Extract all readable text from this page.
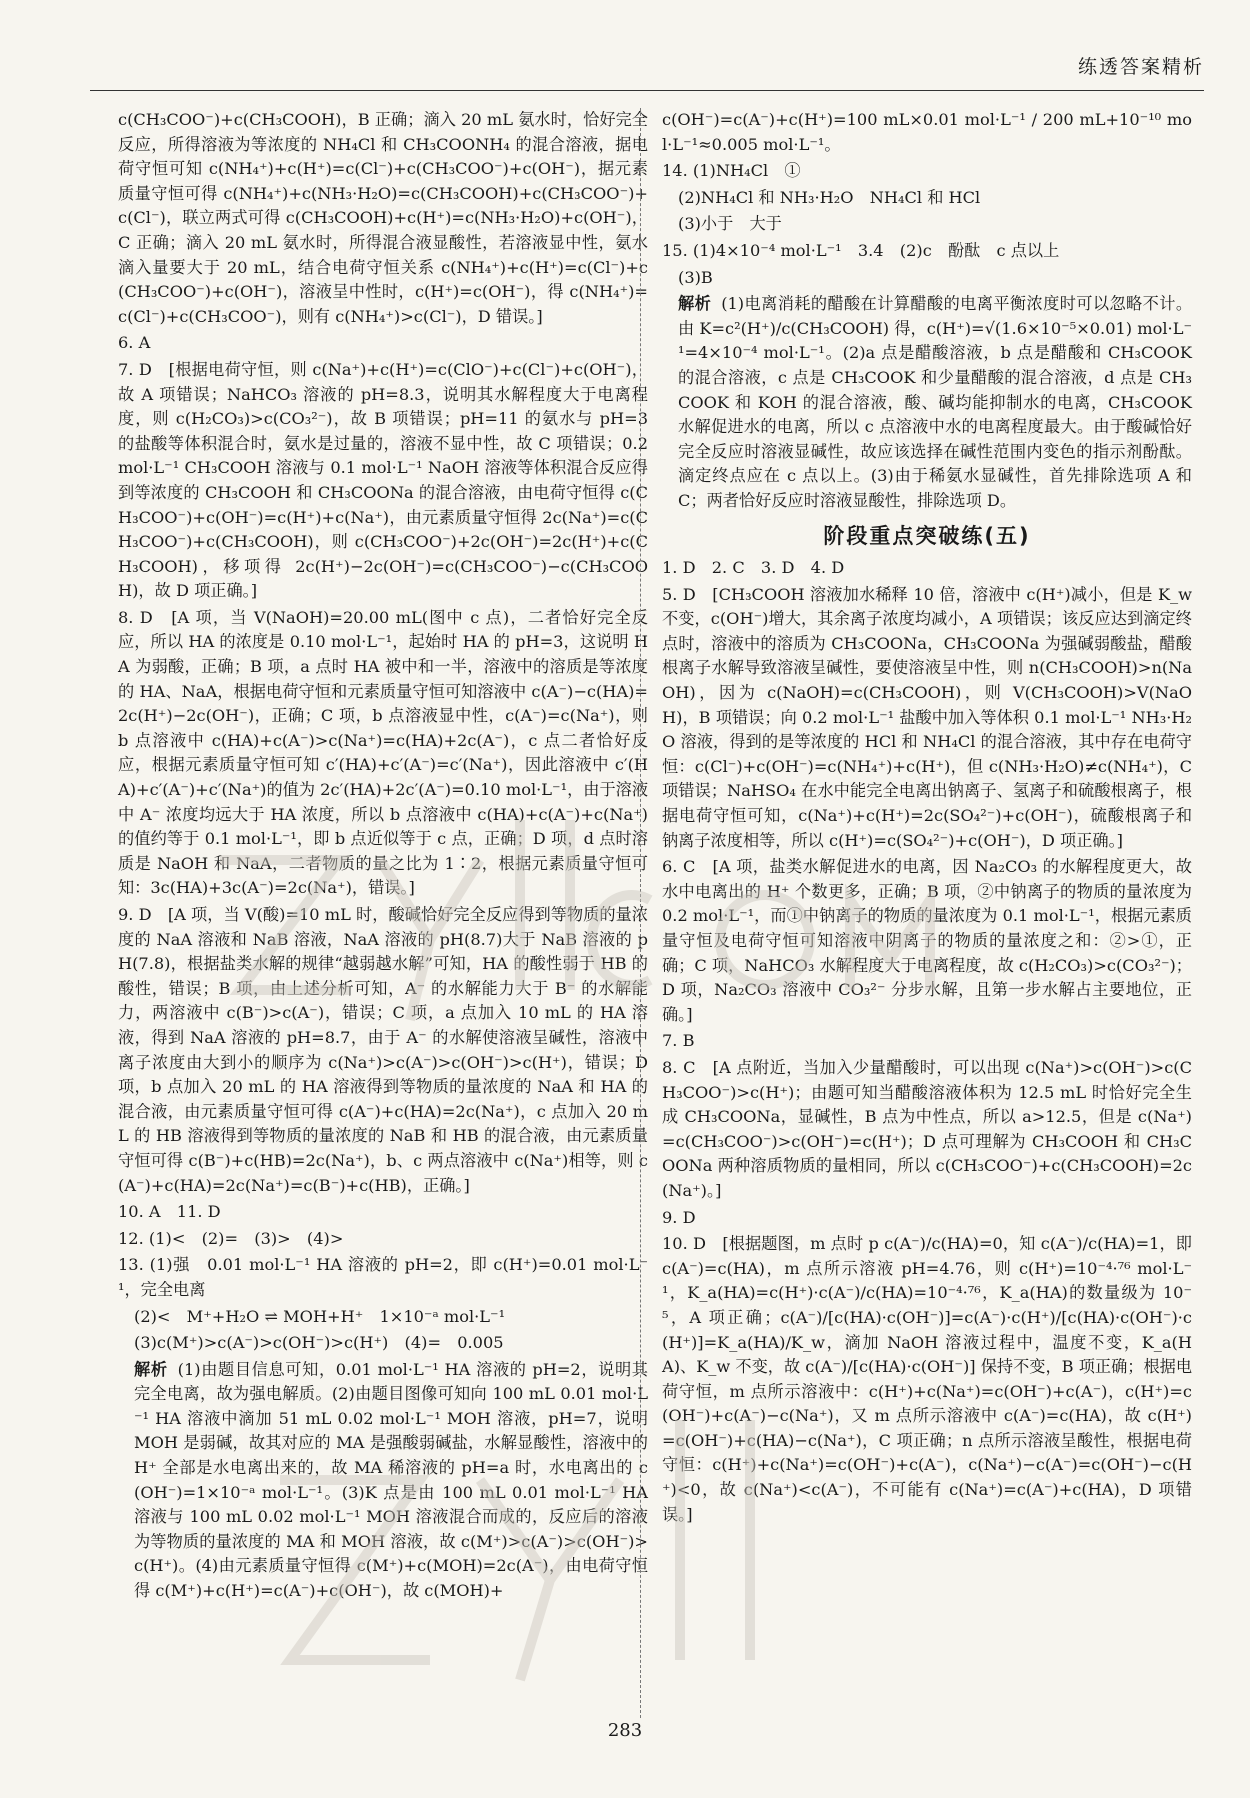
练透答案精析
c(CH₃COO⁻)+c(CH₃COOH)，B 正确；滴入 20 mL 氨水时，恰好完全反应，所得溶液为等浓度的 NH₄Cl 和 CH₃COONH₄ 的混合溶液，据电荷守恒可知 c(NH₄⁺)+c(H⁺)=c(Cl⁻)+c(CH₃COO⁻)+c(OH⁻)，据元素质量守恒可得 c(NH₄⁺)+c(NH₃·H₂O)=c(CH₃COOH)+c(CH₃COO⁻)+c(Cl⁻)，联立两式可得 c(CH₃COOH)+c(H⁺)=c(NH₃·H₂O)+c(OH⁻)，C 正确；滴入 20 mL 氨水时，所得混合液显酸性，若溶液显中性，氨水滴入量要大于 20 mL，结合电荷守恒关系 c(NH₄⁺)+c(H⁺)=c(Cl⁻)+c(CH₃COO⁻)+c(OH⁻)，溶液呈中性时，c(H⁺)=c(OH⁻)，得 c(NH₄⁺)=c(Cl⁻)+c(CH₃COO⁻)，则有 c(NH₄⁺)>c(Cl⁻)，D 错误。]
6. A
7. D　[根据电荷守恒，则 c(Na⁺)+c(H⁺)=c(ClO⁻)+c(Cl⁻)+c(OH⁻)，故 A 项错误；NaHCO₃ 溶液的 pH=8.3，说明其水解程度大于电离程度，则 c(H₂CO₃)>c(CO₃²⁻)，故 B 项错误；pH=11 的氨水与 pH=3 的盐酸等体积混合时，氨水是过量的，溶液不显中性，故 C 项错误；0.2 mol·L⁻¹ CH₃COOH 溶液与 0.1 mol·L⁻¹ NaOH 溶液等体积混合反应得到等浓度的 CH₃COOH 和 CH₃COONa 的混合溶液，由电荷守恒得 c(CH₃COO⁻)+c(OH⁻)=c(H⁺)+c(Na⁺)，由元素质量守恒得 2c(Na⁺)=c(CH₃COO⁻)+c(CH₃COOH)，则 c(CH₃COO⁻)+2c(OH⁻)=2c(H⁺)+c(CH₃COOH)，移项得 2c(H⁺)−2c(OH⁻)=c(CH₃COO⁻)−c(CH₃COOH)，故 D 项正确。]
8. D　[A 项，当 V(NaOH)=20.00 mL(图中 c 点)，二者恰好完全反应，所以 HA 的浓度是 0.10 mol·L⁻¹，起始时 HA 的 pH=3，这说明 HA 为弱酸，正确；B 项，a 点时 HA 被中和一半，溶液中的溶质是等浓度的 HA、NaA，根据电荷守恒和元素质量守恒可知溶液中 c(A⁻)−c(HA)=2c(H⁺)−2c(OH⁻)，正确；C 项，b 点溶液显中性，c(A⁻)=c(Na⁺)，则 b 点溶液中 c(HA)+c(A⁻)>c(Na⁺)=c(HA)+2c(A⁻)，c 点二者恰好反应，根据元素质量守恒可知 c′(HA)+c′(A⁻)=c′(Na⁺)，因此溶液中 c′(HA)+c′(A⁻)+c′(Na⁺)的值为 2c′(HA)+2c′(A⁻)=0.10 mol·L⁻¹，由于溶液中 A⁻ 浓度均远大于 HA 浓度，所以 b 点溶液中 c(HA)+c(A⁻)+c(Na⁺)的值约等于 0.1 mol·L⁻¹，即 b 点近似等于 c 点，正确；D 项，d 点时溶质是 NaOH 和 NaA，二者物质的量之比为 1∶2，根据元素质量守恒可知：3c(HA)+3c(A⁻)=2c(Na⁺)，错误。]
9. D　[A 项，当 V(酸)=10 mL 时，酸碱恰好完全反应得到等物质的量浓度的 NaA 溶液和 NaB 溶液，NaA 溶液的 pH(8.7)大于 NaB 溶液的 pH(7.8)，根据盐类水解的规律“越弱越水解”可知，HA 的酸性弱于 HB 的酸性，错误；B 项，由上述分析可知，A⁻ 的水解能力大于 B⁻ 的水解能力，两溶液中 c(B⁻)>c(A⁻)，错误；C 项，a 点加入 10 mL 的 HA 溶液，得到 NaA 溶液的 pH=8.7，由于 A⁻ 的水解使溶液呈碱性，溶液中离子浓度由大到小的顺序为 c(Na⁺)>c(A⁻)>c(OH⁻)>c(H⁺)，错误；D 项，b 点加入 20 mL 的 HA 溶液得到等物质的量浓度的 NaA 和 HA 的混合液，由元素质量守恒可得 c(A⁻)+c(HA)=2c(Na⁺)，c 点加入 20 mL 的 HB 溶液得到等物质的量浓度的 NaB 和 HB 的混合液，由元素质量守恒可得 c(B⁻)+c(HB)=2c(Na⁺)，b、c 两点溶液中 c(Na⁺)相等，则 c(A⁻)+c(HA)=2c(Na⁺)=c(B⁻)+c(HB)，正确。]
10. A　11. D
12. (1)<　(2)=　(3)>　(4)>
13. (1)强　0.01 mol·L⁻¹ HA 溶液的 pH=2，即 c(H⁺)=0.01 mol·L⁻¹，完全电离
(2)<　M⁺+H₂O ⇌ MOH+H⁺　1×10⁻ᵃ mol·L⁻¹
(3)c(M⁺)>c(A⁻)>c(OH⁻)>c(H⁺)　(4)=　0.005
解析 (1)由题目信息可知，0.01 mol·L⁻¹ HA 溶液的 pH=2，说明其完全电离，故为强电解质。(2)由题目图像可知向 100 mL 0.01 mol·L⁻¹ HA 溶液中滴加 51 mL 0.02 mol·L⁻¹ MOH 溶液，pH=7，说明 MOH 是弱碱，故其对应的 MA 是强酸弱碱盐，水解显酸性，溶液中的 H⁺ 全部是水电离出来的，故 MA 稀溶液的 pH=a 时，水电离出的 c(OH⁻)=1×10⁻ᵃ mol·L⁻¹。(3)K 点是由 100 mL 0.01 mol·L⁻¹ HA 溶液与 100 mL 0.02 mol·L⁻¹ MOH 溶液混合而成的，反应后的溶液为等物质的量浓度的 MA 和 MOH 溶液，故 c(M⁺)>c(A⁻)>c(OH⁻)>c(H⁺)。(4)由元素质量守恒得 c(M⁺)+c(MOH)=2c(A⁻)，由电荷守恒得 c(M⁺)+c(H⁺)=c(A⁻)+c(OH⁻)，故 c(MOH)+
c(OH⁻)=c(A⁻)+c(H⁺)=100 mL×0.01 mol·L⁻¹ / 200 mL+10⁻¹⁰ mol·L⁻¹≈0.005 mol·L⁻¹。
14. (1)NH₄Cl　①
(2)NH₄Cl 和 NH₃·H₂O　NH₄Cl 和 HCl
(3)小于　大于
15. (1)4×10⁻⁴ mol·L⁻¹　3.4　(2)c　酚酞　c 点以上
(3)B
解析 (1)电离消耗的醋酸在计算醋酸的电离平衡浓度时可以忽略不计。由 K=c²(H⁺)/c(CH₃COOH) 得，c(H⁺)=√(1.6×10⁻⁵×0.01) mol·L⁻¹=4×10⁻⁴ mol·L⁻¹。(2)a 点是醋酸溶液，b 点是醋酸和 CH₃COOK 的混合溶液，c 点是 CH₃COOK 和少量醋酸的混合溶液，d 点是 CH₃COOK 和 KOH 的混合溶液，酸、碱均能抑制水的电离，CH₃COOK 水解促进水的电离，所以 c 点溶液中水的电离程度最大。由于酸碱恰好完全反应时溶液显碱性，故应该选择在碱性范围内变色的指示剂酚酞。滴定终点应在 c 点以上。(3)由于稀氨水显碱性，首先排除选项 A 和 C；两者恰好反应时溶液显酸性，排除选项 D。
阶段重点突破练(五)
1. D　2. C　3. D　4. D
5. D　[CH₃COOH 溶液加水稀释 10 倍，溶液中 c(H⁺)减小，但是 K_w 不变，c(OH⁻)增大，其余离子浓度均减小，A 项错误；该反应达到滴定终点时，溶液中的溶质为 CH₃COONa，CH₃COONa 为强碱弱酸盐，醋酸根离子水解导致溶液呈碱性，要使溶液呈中性，则 n(CH₃COOH)>n(NaOH)，因为 c(NaOH)=c(CH₃COOH)，则 V(CH₃COOH)>V(NaOH)，B 项错误；向 0.2 mol·L⁻¹ 盐酸中加入等体积 0.1 mol·L⁻¹ NH₃·H₂O 溶液，得到的是等浓度的 HCl 和 NH₄Cl 的混合溶液，其中存在电荷守恒：c(Cl⁻)+c(OH⁻)=c(NH₄⁺)+c(H⁺)，但 c(NH₃·H₂O)≠c(NH₄⁺)，C 项错误；NaHSO₄ 在水中能完全电离出钠离子、氢离子和硫酸根离子，根据电荷守恒可知，c(Na⁺)+c(H⁺)=2c(SO₄²⁻)+c(OH⁻)，硫酸根离子和钠离子浓度相等，所以 c(H⁺)=c(SO₄²⁻)+c(OH⁻)，D 项正确。]
6. C　[A 项，盐类水解促进水的电离，因 Na₂CO₃ 的水解程度更大，故水中电离出的 H⁺ 个数更多，正确；B 项，②中钠离子的物质的量浓度为 0.2 mol·L⁻¹，而①中钠离子的物质的量浓度为 0.1 mol·L⁻¹，根据元素质量守恒及电荷守恒可知溶液中阴离子的物质的量浓度之和：②>①，正确；C 项，NaHCO₃ 水解程度大于电离程度，故 c(H₂CO₃)>c(CO₃²⁻)；D 项，Na₂CO₃ 溶液中 CO₃²⁻ 分步水解，且第一步水解占主要地位，正确。]
7. B
8. C　[A 点附近，当加入少量醋酸时，可以出现 c(Na⁺)>c(OH⁻)>c(CH₃COO⁻)>c(H⁺)；由题可知当醋酸溶液体积为 12.5 mL 时恰好完全生成 CH₃COONa，显碱性，B 点为中性点，所以 a>12.5，但是 c(Na⁺)=c(CH₃COO⁻)>c(OH⁻)=c(H⁺)；D 点可理解为 CH₃COOH 和 CH₃COONa 两种溶质物质的量相同，所以 c(CH₃COO⁻)+c(CH₃COOH)=2c(Na⁺)。]
9. D
10. D　[根据题图，m 点时 p c(A⁻)/c(HA)=0，知 c(A⁻)/c(HA)=1，即 c(A⁻)=c(HA)，m 点所示溶液 pH=4.76，则 c(H⁺)=10⁻⁴·⁷⁶ mol·L⁻¹，K_a(HA)=c(H⁺)·c(A⁻)/c(HA)=10⁻⁴·⁷⁶，K_a(HA)的数量级为 10⁻⁵，A 项正确；c(A⁻)/[c(HA)·c(OH⁻)]=c(A⁻)·c(H⁺)/[c(HA)·c(OH⁻)·c(H⁺)]=K_a(HA)/K_w，滴加 NaOH 溶液过程中，温度不变，K_a(HA)、K_w 不变，故 c(A⁻)/[c(HA)·c(OH⁻)] 保持不变，B 项正确；根据电荷守恒，m 点所示溶液中：c(H⁺)+c(Na⁺)=c(OH⁻)+c(A⁻)，c(H⁺)=c(OH⁻)+c(A⁻)−c(Na⁺)，又 m 点所示溶液中 c(A⁻)=c(HA)，故 c(H⁺)=c(OH⁻)+c(HA)−c(Na⁺)，C 项正确；n 点所示溶液呈酸性，根据电荷守恒：c(H⁺)+c(Na⁺)=c(OH⁻)+c(A⁻)，c(Na⁺)−c(A⁻)=c(OH⁻)−c(H⁺)<0，故 c(Na⁺)<c(A⁻)，不可能有 c(Na⁺)=c(A⁻)+c(HA)，D 项错误。]
283
